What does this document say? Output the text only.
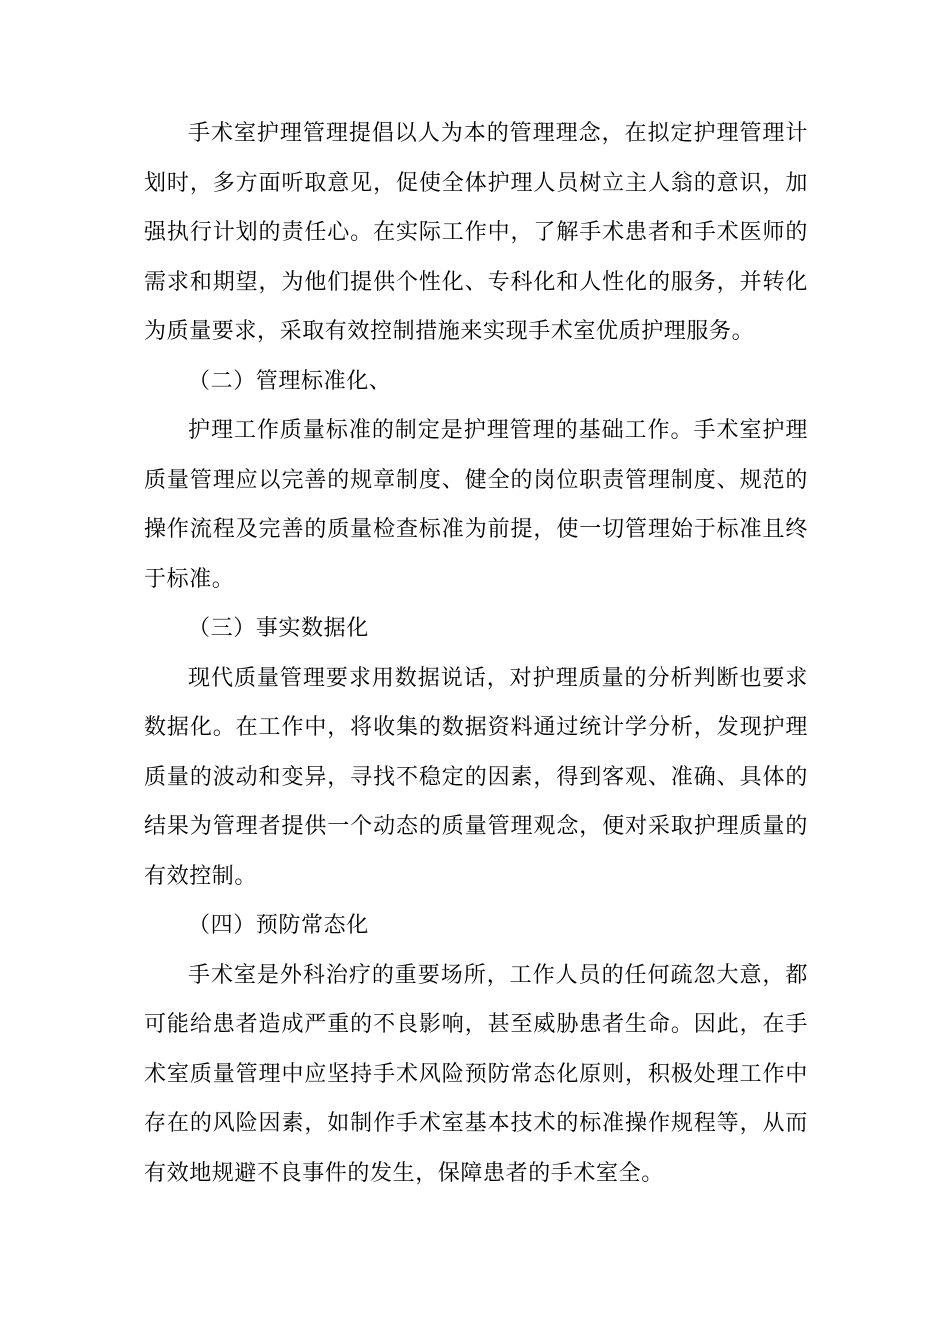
手术室护理管理提倡以人为本的管理理念，在拟定护理管理计划时，多方面听取意见，促使全体护理人员树立主人翁的意识，加强执行计划的责任心。在实际工作中，了解手术患者和手术医师的需求和期望，为他们提供个性化、专科化和人性化的服务，并转化为质量要求，采取有效控制措施来实现手术室优质护理服务。

（二）管理标准化、

护理工作质量标准的制定是护理管理的基础工作。手术室护理质量管理应以完善的规章制度、健全的岗位职责管理制度、规范的操作流程及完善的质量检查标准为前提，使一切管理始于标准且终于标准。

（三）事实数据化

现代质量管理要求用数据说话，对护理质量的分析判断也要求数据化。在工作中，将收集的数据资料通过统计学分析，发现护理质量的波动和变异，寻找不稳定的因素，得到客观、准确、具体的结果为管理者提供一个动态的质量管理观念，便对采取护理质量的有效控制。

（四）预防常态化

手术室是外科治疗的重要场所，工作人员的任何疏忽大意，都可能给患者造成严重的不良影响，甚至威胁患者生命。因此，在手术室质量管理中应坚持手术风险预防常态化原则，积极处理工作中存在的风险因素，如制作手术室基本技术的标准操作规程等，从而有效地规避不良事件的发生，保障患者的手术室全。
